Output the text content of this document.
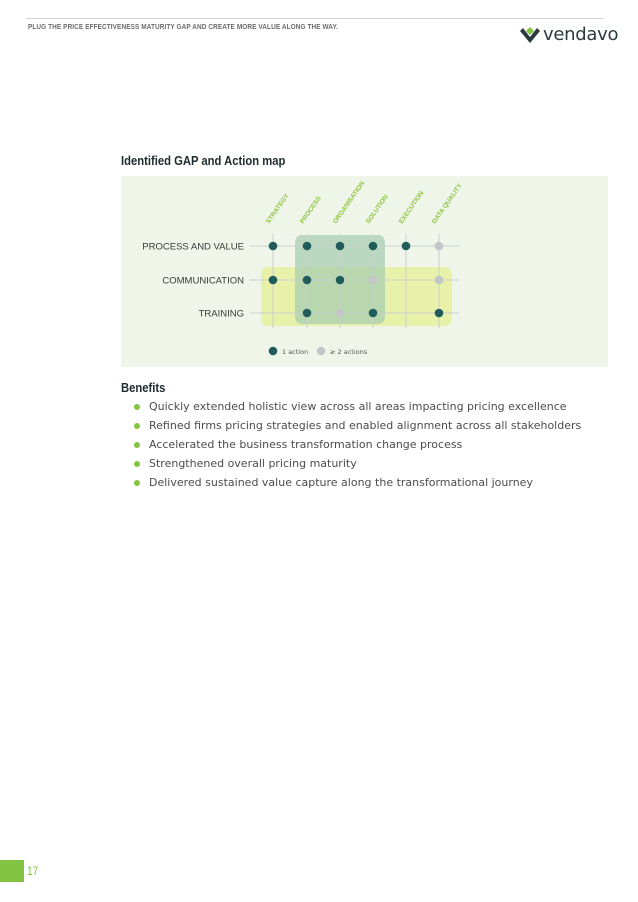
PLUG THE PRICE EFFECTIVENESS MATURITY GAP AND CREATE MORE VALUE ALONG THE WAY.	vendavo
Identified GAP and Action map
STRATEGY PROCESS ORGANISATION
SOLUTION EXECUTION DATA QUALITY
PROCESS AND VALUE
COMMUNICATION
TRAINING
1 action	≥ 2 actions
Benefits
Quickly extended holistic view across all areas impacting pricing excellence
Refined firms pricing strategies and enabled alignment across all stakeholders
Accelerated the business transformation change process
Strengthened overall pricing maturity
Delivered sustained value capture along the transformational journey
17
